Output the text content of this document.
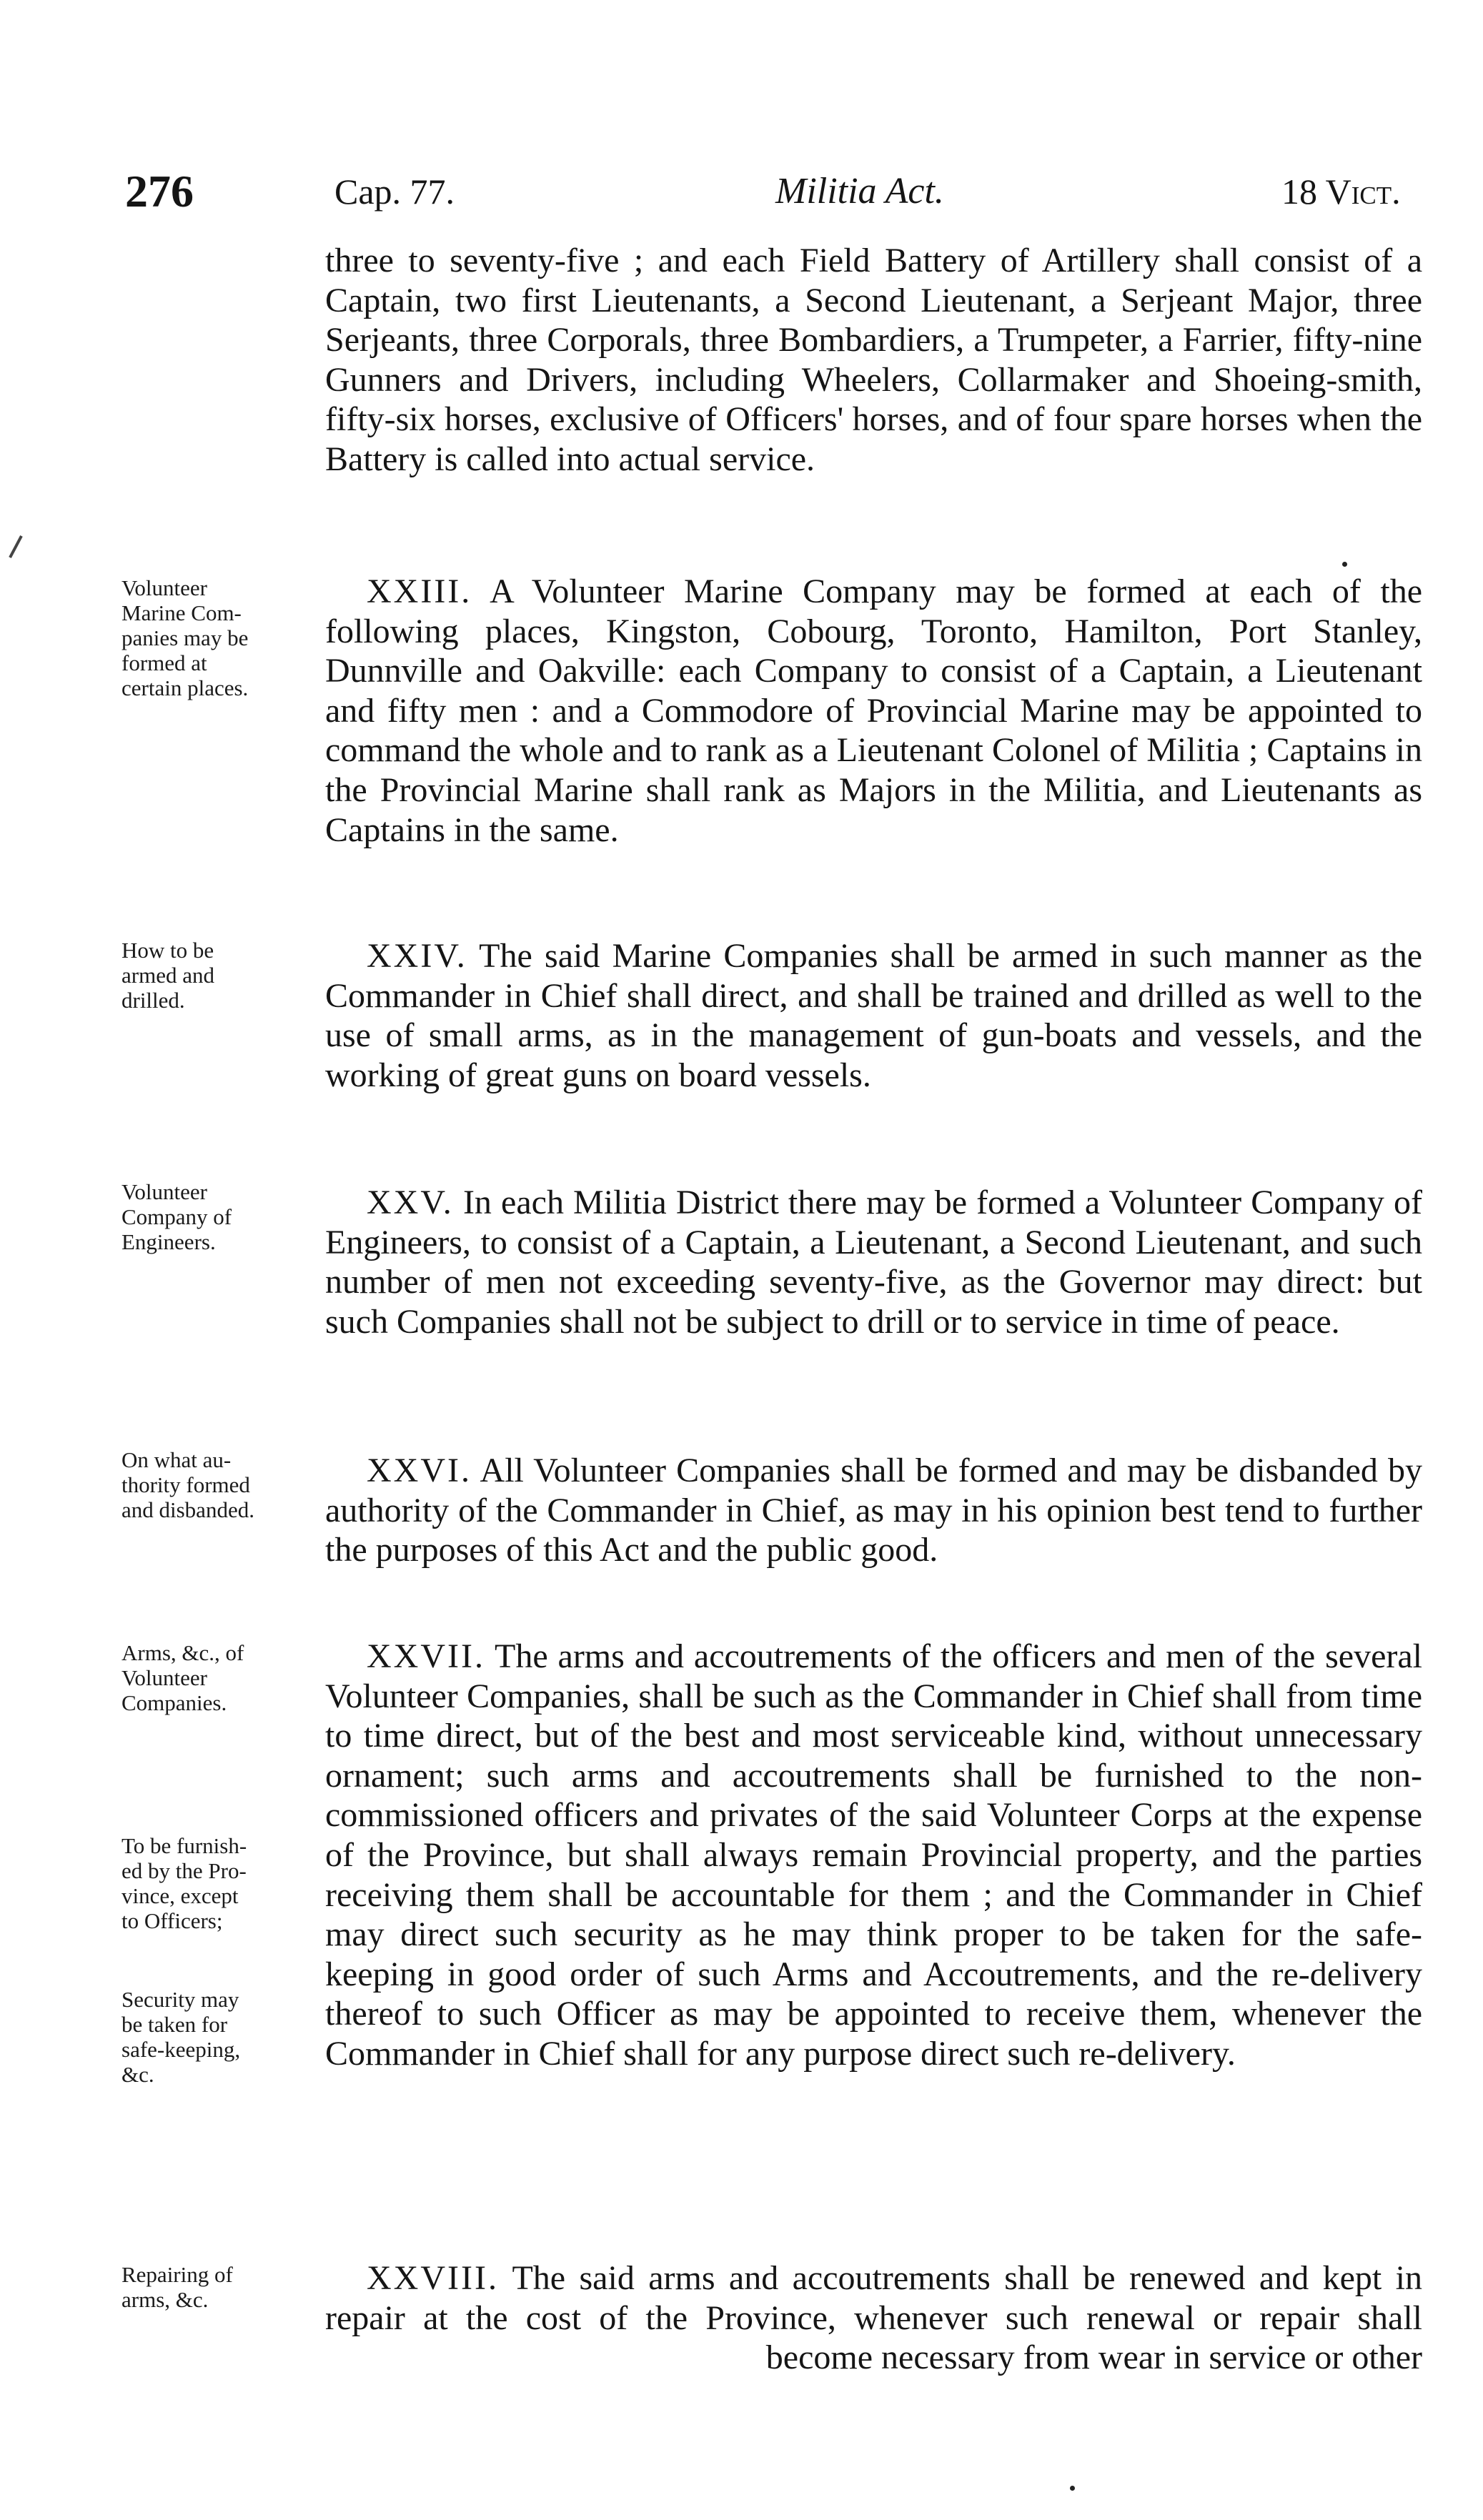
276	Cap. 77.	Militia Act.	18 Vict.
three to seventy-five ; and each Field Battery of Artillery shall consist of a Captain, two first Lieutenants, a Second Lieutenant, a Serjeant Major, three Serjeants, three Corporals, three Bombardiers, a Trumpeter, a Farrier, fifty-nine Gunners and Drivers, including Wheelers, Collarmaker and Shoeing-smith, fifty-six horses, exclusive of Officers' horses, and of four spare horses when the Battery is called into actual service.
XXIII. A Volunteer Marine Company may be formed at each of the following places, Kingston, Cobourg, Toronto, Hamilton, Port Stanley, Dunnville and Oakville: each Company to consist of a Captain, a Lieutenant and fifty men : and a Commodore of Provincial Marine may be appointed to command the whole and to rank as a Lieutenant Colonel of Militia ; Captains in the Provincial Marine shall rank as Majors in the Militia, and Lieutenants as Captains in the same.
XXIV. The said Marine Companies shall be armed in such manner as the Commander in Chief shall direct, and shall be trained and drilled as well to the use of small arms, as in the management of gun-boats and vessels, and the working of great guns on board vessels.
XXV. In each Militia District there may be formed a Volunteer Company of Engineers, to consist of a Captain, a Lieutenant, a Second Lieutenant, and such number of men not exceeding seventy-five, as the Governor may direct: but such Companies shall not be subject to drill or to service in time of peace.
XXVI. All Volunteer Companies shall be formed and may be disbanded by authority of the Commander in Chief, as may in his opinion best tend to further the purposes of this Act and the public good.
XXVII. The arms and accoutrements of the officers and men of the several Volunteer Companies, shall be such as the Commander in Chief shall from time to time direct, but of the best and most serviceable kind, without unnecessary ornament; such arms and accoutrements shall be furnished to the non-commissioned officers and privates of the said Volunteer Corps at the expense of the Province, but shall always remain Provincial property, and the parties receiving them shall be accountable for them ; and the Commander in Chief may direct such security as he may think proper to be taken for the safe-keeping in good order of such Arms and Accoutrements, and the re-delivery thereof to such Officer as may be appointed to receive them, whenever the Commander in Chief shall for any purpose direct such re-delivery.
XXVIII. The said arms and accoutrements shall be renewed and kept in repair at the cost of the Province, whenever such renewal or repair shall become necessary from wear in service or other
Volunteer
Marine Com-
panies may be
formed at
certain places.
How to be
armed and
drilled.
Volunteer
Company of
Engineers.
On what au-
thority formed
and disbanded.
Arms, &c., of
Volunteer
Companies.
To be furnish-
ed by the Pro-
vince, except
to Officers;
Security may
be taken for
safe-keeping,
&c.
Repairing of
arms, &c.
